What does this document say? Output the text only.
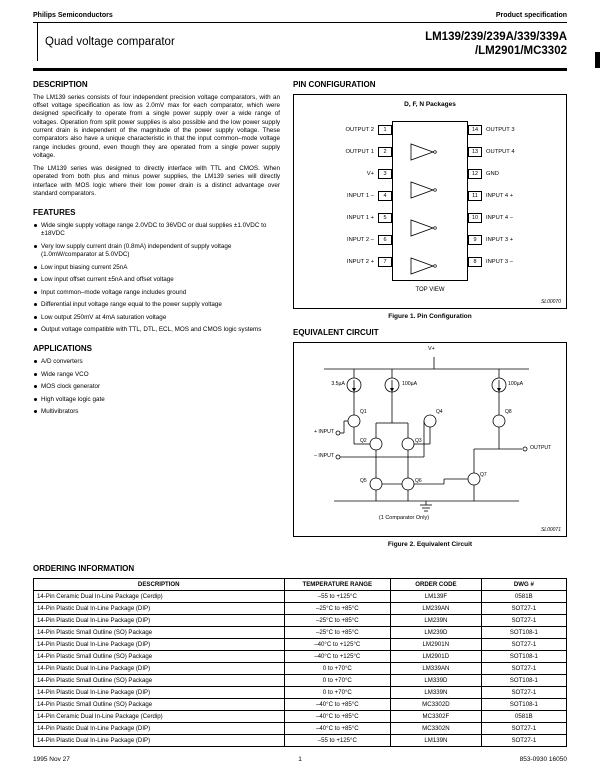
Philips Semiconductors	Product specification
Quad voltage comparator	LM139/239/239A/339/339A
/LM2901/MC3302
DESCRIPTION

The LM139 series consists of four independent precision voltage comparators, with an offset voltage specification as low as 2.0mV max for each comparator, which were designed specifically to operate from a single power supply over a wide range of voltages. Operation from split power supplies is also possible and the low power supply current drain is independent of the magnitude of the power supply voltage. These comparators also have a unique characteristic in that the input common–mode voltage range includes ground, even though they are operated from a single power supply voltage.

The LM139 series was designed to directly interface with TTL and CMOS. When operated from both plus and minus power supplies, the LM139 series will directly interface with MOS logic where their low power drain is a distinct advantage over standard comparators.

FEATURES
Wide single supply voltage range 2.0VDC to 36VDC or dual supplies ±1.0VDC to ±18VDC
Very low supply current drain (0.8mA) independent of supply voltage (1.0mW/comparator at 5.0VDC)
Low input biasing current 25nA
Low input offset current ±5nA and offset voltage
Input common–mode voltage range includes ground
Differential input voltage range equal to the power supply voltage
Low output 250mV at 4mA saturation voltage
Output voltage compatible with TTL, DTL, ECL, MOS and CMOS logic systems
APPLICATIONS
A/D converters
Wide range VCO
MOS clock generator
High voltage logic gate
Multivibrators
PIN CONFIGURATION
D, F, N Packages
OUTPUT 2	1	14	OUTPUT 3
OUTPUT 1	2	13	OUTPUT 4
V+	3	12	GND
INPUT 1 –	4	11	INPUT 4 +
INPUT 1 +	5	10	INPUT 4 –
INPUT 2 –	6	9	INPUT 3 +
INPUT 2 +	7	8	INPUT 3 –
TOP VIEW
SL00070
Figure 1. Pin Configuration
EQUIVALENT CIRCUIT
V+
3.5µA	100µA	100µA
+ INPUT
– INPUT
OUTPUT
Q1
Q2	Q3
Q4
Q5	Q6
Q7
Q8
(1 Comparator Only)
SL00071
Figure 2. Equivalent Circuit
ORDERING INFORMATION
DESCRIPTION	TEMPERATURE RANGE	ORDER CODE	DWG #
14-Pin Ceramic Dual In-Line Package (Cerdip)	–55 to +125°C	LM139F	0581B
14-Pin Plastic Dual In-Line Package (DIP)	–25°C to +85°C	LM239AN	SOT27-1
14-Pin Plastic Dual In-Line Package (DIP)	–25°C to +85°C	LM239N	SOT27-1
14-Pin Plastic Small Outline (SO) Package	–25°C to +85°C	LM239D	SOT108-1
14-Pin Plastic Dual In-Line Package (DIP)	–40°C to +125°C	LM2901N	SOT27-1
14-Pin Plastic Small Outline (SO) Package	–40°C to +125°C	LM2901D	SOT108-1
14-Pin Plastic Dual In-Line Package (DIP)	0 to +70°C	LM339AN	SOT27-1
14-Pin Plastic Small Outline (SO) Package	0 to +70°C	LM339D	SOT108-1
14-Pin Plastic Dual In-Line Package (DIP)	0 to +70°C	LM339N	SOT27-1
14-Pin Plastic Small Outline (SO) Package	–40°C to +85°C	MC3302D	SOT108-1
14-Pin Ceramic Dual In-Line Package (Cerdip)	–40°C to +85°C	MC3302F	0581B
14-Pin Plastic Dual In-Line Package (DIP)	–40°C to +85°C	MC3302N	SOT27-1
14-Pin Plastic Dual In-Line Package (DIP)	–55 to +125°C	LM139N	SOT27-1
1995 Nov 27	1	853-0930 16050
